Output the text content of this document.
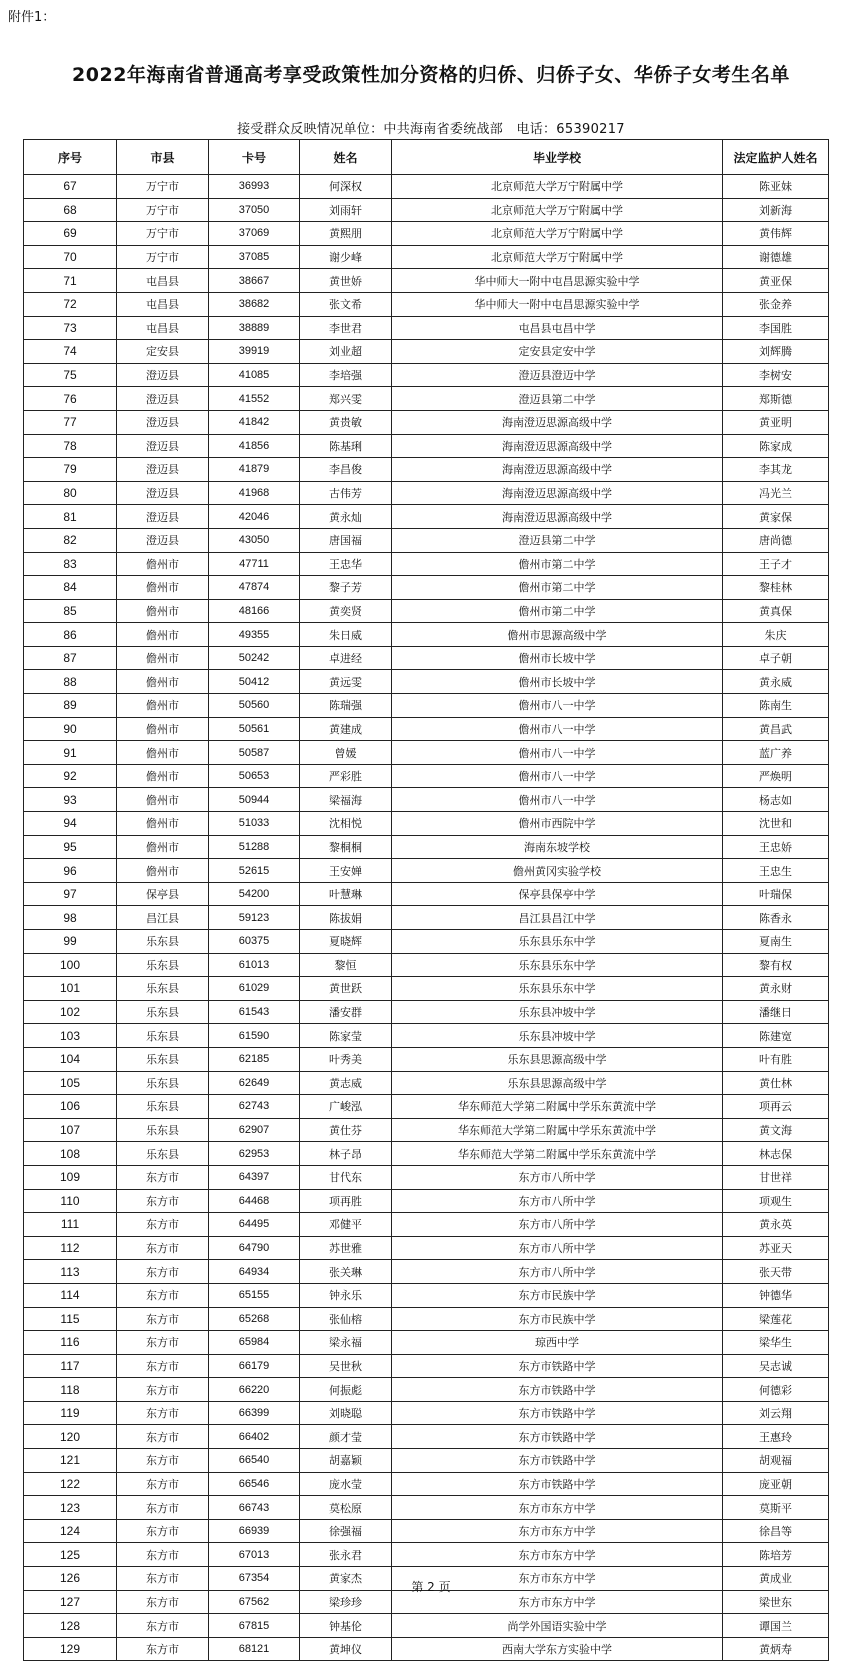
附件1：
2022年海南省普通高考享受政策性加分资格的归侨、归侨子女、华侨子女考生名单
接受群众反映情况单位：中共海南省委统战部　电话：65390217
序号	市县	卡号	姓名	毕业学校	法定监护人姓名
67	万宁市	36993	何深权	北京师范大学万宁附属中学	陈亚妹
68	万宁市	37050	刘雨轩	北京师范大学万宁附属中学	刘新海
69	万宁市	37069	黄熙朋	北京师范大学万宁附属中学	黄伟辉
70	万宁市	37085	谢少峰	北京师范大学万宁附属中学	谢德雄
71	屯昌县	38667	黄世娇	华中师大一附中屯昌思源实验中学	黄亚保
72	屯昌县	38682	张文希	华中师大一附中屯昌思源实验中学	张金养
73	屯昌县	38889	李世君	屯昌县屯昌中学	李国胜
74	定安县	39919	刘业超	定安县定安中学	刘辉腾
75	澄迈县	41085	李培强	澄迈县澄迈中学	李树安
76	澄迈县	41552	郑兴雯	澄迈县第二中学	郑斯德
77	澄迈县	41842	黄贵敏	海南澄迈思源高级中学	黄亚明
78	澄迈县	41856	陈基琍	海南澄迈思源高级中学	陈家成
79	澄迈县	41879	李昌俊	海南澄迈思源高级中学	李其龙
80	澄迈县	41968	古伟芳	海南澄迈思源高级中学	冯光兰
81	澄迈县	42046	黄永灿	海南澄迈思源高级中学	黄家保
82	澄迈县	43050	唐国福	澄迈县第二中学	唐尚德
83	儋州市	47711	王忠华	儋州市第二中学	王子才
84	儋州市	47874	黎子芳	儋州市第二中学	黎桂林
85	儋州市	48166	黄奕贤	儋州市第二中学	黄真保
86	儋州市	49355	朱日威	儋州市思源高级中学	朱庆
87	儋州市	50242	卓进经	儋州市长坡中学	卓子朝
88	儋州市	50412	黄远雯	儋州市长坡中学	黄永威
89	儋州市	50560	陈瑞强	儋州市八一中学	陈南生
90	儋州市	50561	黄建成	儋州市八一中学	黄昌武
91	儋州市	50587	曾媛	儋州市八一中学	蓝广养
92	儋州市	50653	严彩胜	儋州市八一中学	严焕明
93	儋州市	50944	梁福海	儋州市八一中学	杨志如
94	儋州市	51033	沈相悦	儋州市西院中学	沈世和
95	儋州市	51288	黎桐桐	海南东坡学校	王忠娇
96	儋州市	52615	王安婵	儋州黄冈实验学校	王忠生
97	保亭县	54200	叶慧琳	保亭县保亭中学	叶瑞保
98	昌江县	59123	陈拔娟	昌江县昌江中学	陈香永
99	乐东县	60375	夏晓辉	乐东县乐东中学	夏南生
100	乐东县	61013	黎恒	乐东县乐东中学	黎有权
101	乐东县	61029	黄世跃	乐东县乐东中学	黄永财
102	乐东县	61543	潘安群	乐东县冲坡中学	潘继日
103	乐东县	61590	陈家莹	乐东县冲坡中学	陈建宽
104	乐东县	62185	叶秀美	乐东县思源高级中学	叶有胜
105	乐东县	62649	黄志威	乐东县思源高级中学	黄仕林
106	乐东县	62743	广峻泓	华东师范大学第二附属中学乐东黄流中学	项再云
107	乐东县	62907	黄仕芬	华东师范大学第二附属中学乐东黄流中学	黄文海
108	乐东县	62953	林子昂	华东师范大学第二附属中学乐东黄流中学	林志保
109	东方市	64397	甘代东	东方市八所中学	甘世祥
110	东方市	64468	项再胜	东方市八所中学	项观生
111	东方市	64495	邓健平	东方市八所中学	黄永英
112	东方市	64790	苏世雅	东方市八所中学	苏亚天
113	东方市	64934	张关琳	东方市八所中学	张天带
114	东方市	65155	钟永乐	东方市民族中学	钟德华
115	东方市	65268	张仙榕	东方市民族中学	梁莲花
116	东方市	65984	梁永福	琼西中学	梁华生
117	东方市	66179	吴世秋	东方市铁路中学	吴志诚
118	东方市	66220	何振彪	东方市铁路中学	何德彩
119	东方市	66399	刘晓聪	东方市铁路中学	刘云翔
120	东方市	66402	颜才莹	东方市铁路中学	王惠玲
121	东方市	66540	胡嘉颖	东方市铁路中学	胡观福
122	东方市	66546	庞水莹	东方市铁路中学	庞亚朝
123	东方市	66743	莫松原	东方市东方中学	莫斯平
124	东方市	66939	徐强福	东方市东方中学	徐昌等
125	东方市	67013	张永君	东方市东方中学	陈培芳
126	东方市	67354	黄家杰	东方市东方中学	黄成业
127	东方市	67562	梁珍珍	东方市东方中学	梁世东
128	东方市	67815	钟基伦	尚学外国语实验中学	谭国兰
129	东方市	68121	黄坤仪	西南大学东方实验中学	黄炳寿
第 2 页
